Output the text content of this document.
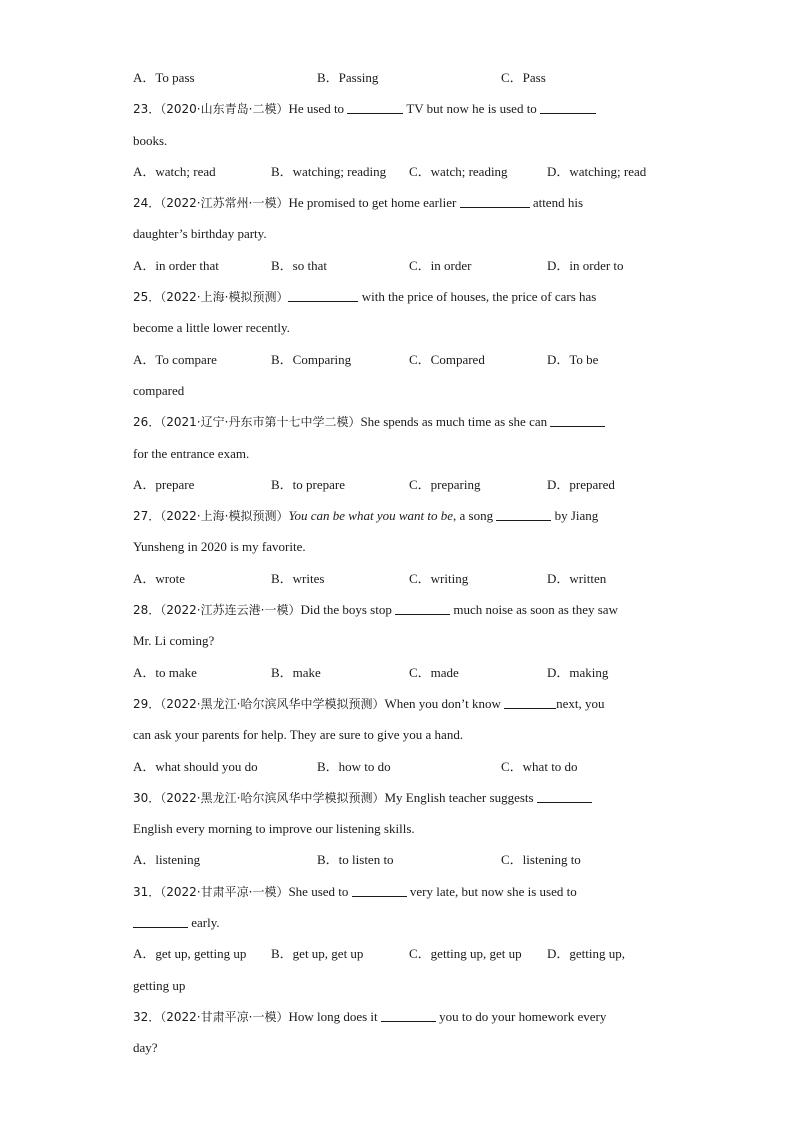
A．To pass	B．Passing	C．Pass
23．（2020·山东青岛·二模）He used to	TV but now he is used to
books.
A．watch; read	B．watching; reading C．watch; reading	D．watching; read
24．（2022·江苏常州·一模）He promised to get home earlier	attend his
daughter’s birthday party.
A．in order that	B．so that	C．in order	D．in order to
25．（2022·上海·模拟预测）	with the price of houses, the price of cars has
become a little lower recently.
A．To compare	B．Comparing	C．Compared	D．To be
compared
26．（2021·辽宁·丹东市第十七中学二模）She spends as much time as she can
for the entrance exam.
A．prepare	B．to prepare	C．preparing	D．prepared
27．（2022·上海·模拟预测）You can be what you want to be, a song	by Jiang
Yunsheng in 2020 is my favorite.
A．wrote	B．writes	C．writing	D．written
28．（2022·江苏连云港·一模）Did the boys stop	much noise as soon as they saw
Mr. Li coming?
A．to make	B．make	C．made	D．making
29．（2022·黑龙江·哈尔滨风华中学模拟预测）When you don’t know	next, you
can ask your parents for help. They are sure to give you a hand.
A．what should you do	B．how to do	C．what to do
30．（2022·黑龙江·哈尔滨风华中学模拟预测）My English teacher suggests
English every morning to improve our listening skills.
A．listening	B．to listen to	C．listening to
31．（2022·甘肃平凉·一模）She used to	very late, but now she is used to
early.
A．get up, getting up B．get up, get up	C．getting up, get up D．getting up,
getting up
32．（2022·甘肃平凉·一模）How long does it	you to do your homework every
day?
